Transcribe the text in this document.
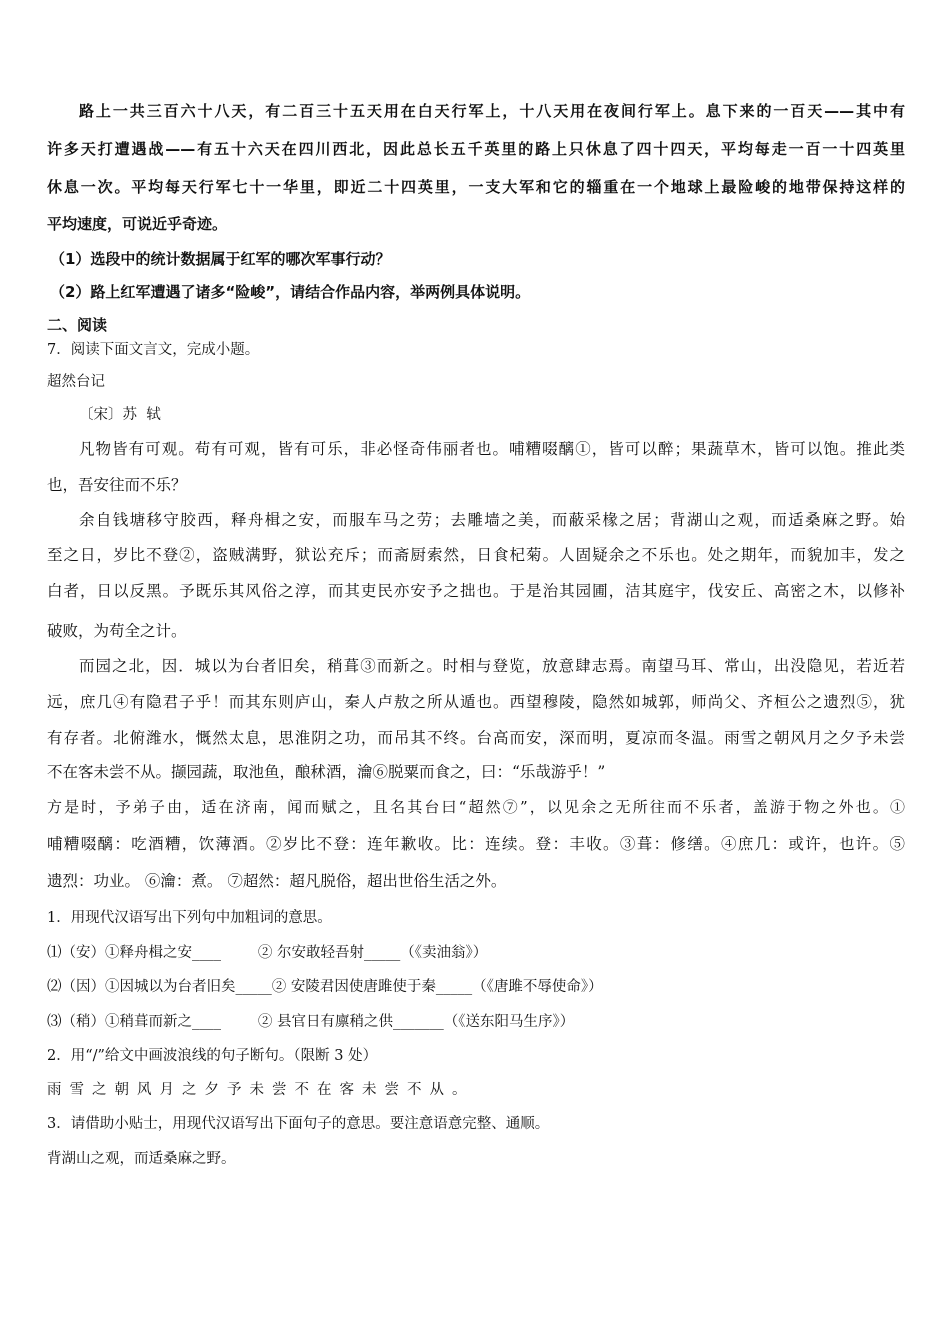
路上一共三百六十八天，有二百三十五天用在白天行军上，十八天用在夜间行军上。息下来的一百天——其中有
许多天打遭遇战——有五十六天在四川西北，因此总长五千英里的路上只休息了四十四天，平均每走一百一十四英里
休息一次。平均每天行军七十一华里，即近二十四英里，一支大军和它的辎重在一个地球上最险峻的地带保持这样的
平均速度，可说近乎奇迹。
（1）选段中的统计数据属于红军的哪次军事行动？
（2）路上红军遭遇了诸多“险峻”，请结合作品内容，举两例具体说明。
二、阅读
7．阅读下面文言文，完成小题。
超然台记
〔宋〕苏  轼
凡物皆有可观。苟有可观，皆有可乐，非必怪奇伟丽者也。哺糟啜醨①，皆可以醉；果蔬草木，皆可以饱。推此类
也，吾安往而不乐？
余自钱塘移守胶西，释舟楫之安，而服车马之劳；去雕墙之美，而蔽采椽之居；背湖山之观，而适桑麻之野。始
至之日，岁比不登②，盗贼满野，狱讼充斥；而斋厨索然，日食杞菊。人固疑余之不乐也。处之期年，而貌加丰，发之
白者，日以反黑。予既乐其风俗之淳，而其吏民亦安予之拙也。于是治其园圃，洁其庭宇，伐安丘、高密之木，以修补
破败，为苟全之计。
而园之北，因．城以为台者旧矣，稍葺③而新之。时相与登览，放意肆志焉。南望马耳、常山，出没隐见，若近若
远，庶几④有隐君子乎！而其东则庐山，秦人卢敖之所从遁也。西望穆陵，隐然如城郭，师尚父、齐桓公之遗烈⑤，犹
有存者。北俯潍水，慨然太息，思淮阴之功，而吊其不终。台高而安，深而明，夏凉而冬温。雨雪之朝风月之夕予未尝
不在客未尝不从。撷园蔬，取池鱼，酿秫酒，瀹⑥脱粟而食之，曰：“乐哉游乎！”
方是时，予弟子由，适在济南，闻而赋之，且名其台曰“超然⑦”，以见余之无所往而不乐者，盖游于物之外也。①
哺糟啜醨：吃酒糟，饮薄酒。②岁比不登：连年歉收。比：连续。登：丰收。③葺：修缮。④庶几：或许，也许。⑤
遗烈：功业。 ⑥瀹：煮。 ⑦超然：超凡脱俗，超出世俗生活之外。
1．用现代汉语写出下列句中加粗词的意思。
⑴（安）①释舟楫之安____        ② 尔安敢轻吾射_____（《卖油翁》）
⑵（因）①因城以为台者旧矣_____② 安陵君因使唐雎使于秦_____（《唐雎不辱使命》）
⑶（稍）①稍葺而新之____        ② 县官日有廪稍之供_______（《送东阳马生序》）
2．用“/”给文中画波浪线的句子断句。（限断 3 处）
雨雪之朝风月之夕予未尝不在客未尝不从。
3．请借助小贴士，用现代汉语写出下面句子的意思。要注意语意完整、通顺。
背湖山之观，而适桑麻之野。
